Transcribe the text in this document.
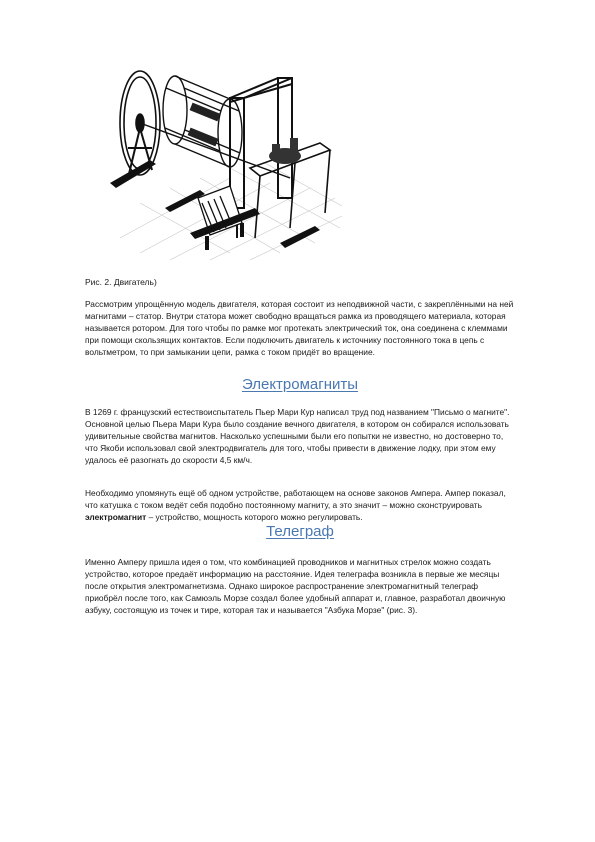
Рис. 2. Двигатель)

Рассмотрим упрощённую модель двигателя, которая состоит из неподвижной части, с закреплёнными на ней магнитами – статор. Внутри статора может свободно вращаться рамка из проводящего материала, которая называется ротором. Для того чтобы по рамке мог протекать электрический ток, она соединена с клеммами при помощи скользящих контактов. Если подключить двигатель к источнику постоянного тока в цепь с вольтметром, то при замыкании цепи, рамка с током придёт во вращение.

Электромагниты

В 1269 г. французский естествоиспытатель Пьер Мари Кур написал труд под названием "Письмо о магните". Основной целью Пьера Мари Кура было создание вечного двигателя, в котором он собирался использовать удивительные свойства магнитов. Насколько успешными были его попытки не известно, но достоверно то, что Якоби использовал свой электродвигатель для того, чтобы привести в движение лодку, при этом ему удалось её разогнать до скорости 4,5 км/ч.

Необходимо упомянуть ещё об одном устройстве, работающем на основе законов Ампера. Ампер показал, что катушка с током ведёт себя подобно постоянному магниту, а это значит – можно сконструировать электромагнит – устройство, мощность которого можно регулировать.

Телеграф

Именно Амперу пришла идея о том, что комбинацией проводников и магнитных стрелок можно создать устройство, которое предаёт информацию на расстояние. Идея телеграфа возникла в первые же месяцы после открытия электромагнетизма. Однако широкое распространение электромагнитный телеграф приобрёл после того, как Самюэль Морзе создал более удобный аппарат и, главное, разработал двоичную азбуку, состоящую из точек и тире, которая так и называется "Азбука Морзе" (рис. 3).
